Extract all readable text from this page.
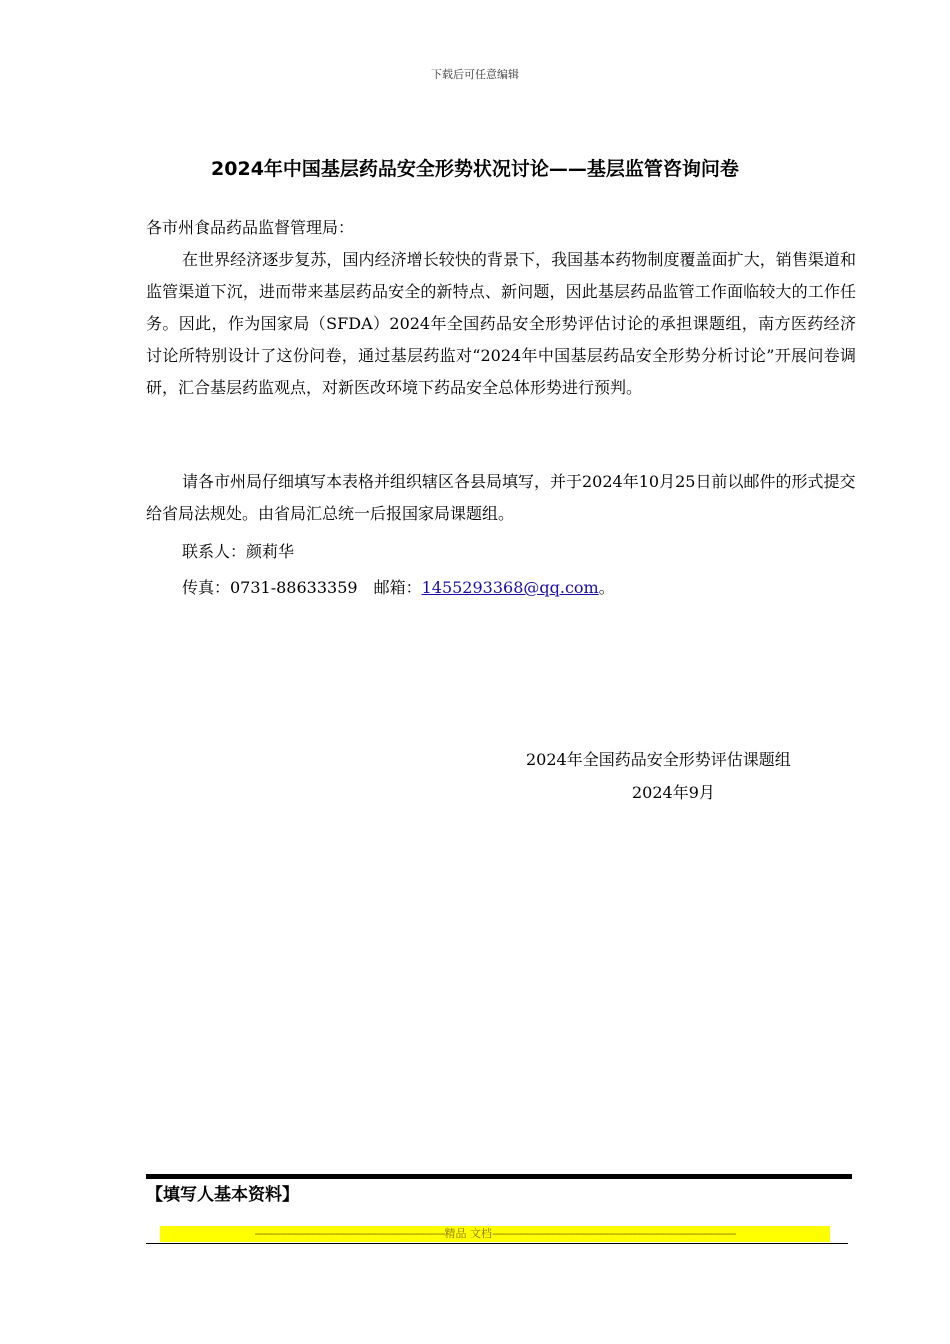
下载后可任意编辑
2024年中国基层药品安全形势状况讨论——基层监管咨询问卷
各市州食品药品监督管理局：
在世界经济逐步复苏，国内经济增长较快的背景下，我国基本药物制度覆盖面扩大，销售渠道和监管渠道下沉，进而带来基层药品安全的新特点、新问题，因此基层药品监管工作面临较大的工作任务。因此，作为国家局（SFDA）2024年全国药品安全形势评估讨论的承担课题组，南方医药经济讨论所特别设计了这份问卷，通过基层药监对“2024年中国基层药品安全形势分析讨论”开展问卷调研，汇合基层药监观点，对新医改环境下药品安全总体形势进行预判。
请各市州局仔细填写本表格并组织辖区各县局填写，并于2024年10月25日前以邮件的形式提交给省局法规处。由省局汇总统一后报国家局课题组。
联系人：颜莉华
传真：0731-88633359　邮箱：1455293368@qq.com。
2024年全国药品安全形势评估课题组
2024年9月
【填写人基本资料】
----------------------------------------------------------------精品 文档----------------------------------------------------------------------------------
